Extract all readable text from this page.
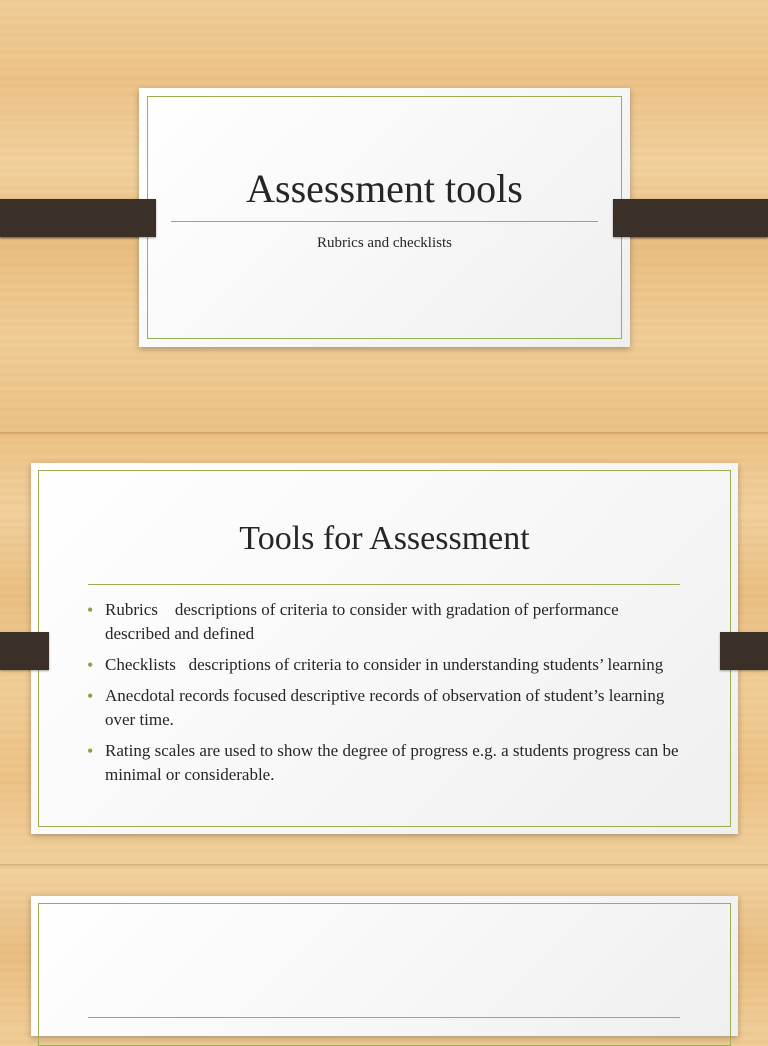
Assessment tools
Rubrics and checklists
Tools for Assessment
• Rubrics    descriptions of criteria to consider with gradation of performance described and defined
• Checklists   descriptions of criteria to consider in understanding students’ learning
• Anecdotal records focused descriptive records of observation of student’s learning over time.
• Rating scales are used to show the degree of progress e.g. a students progress can be minimal or considerable.
